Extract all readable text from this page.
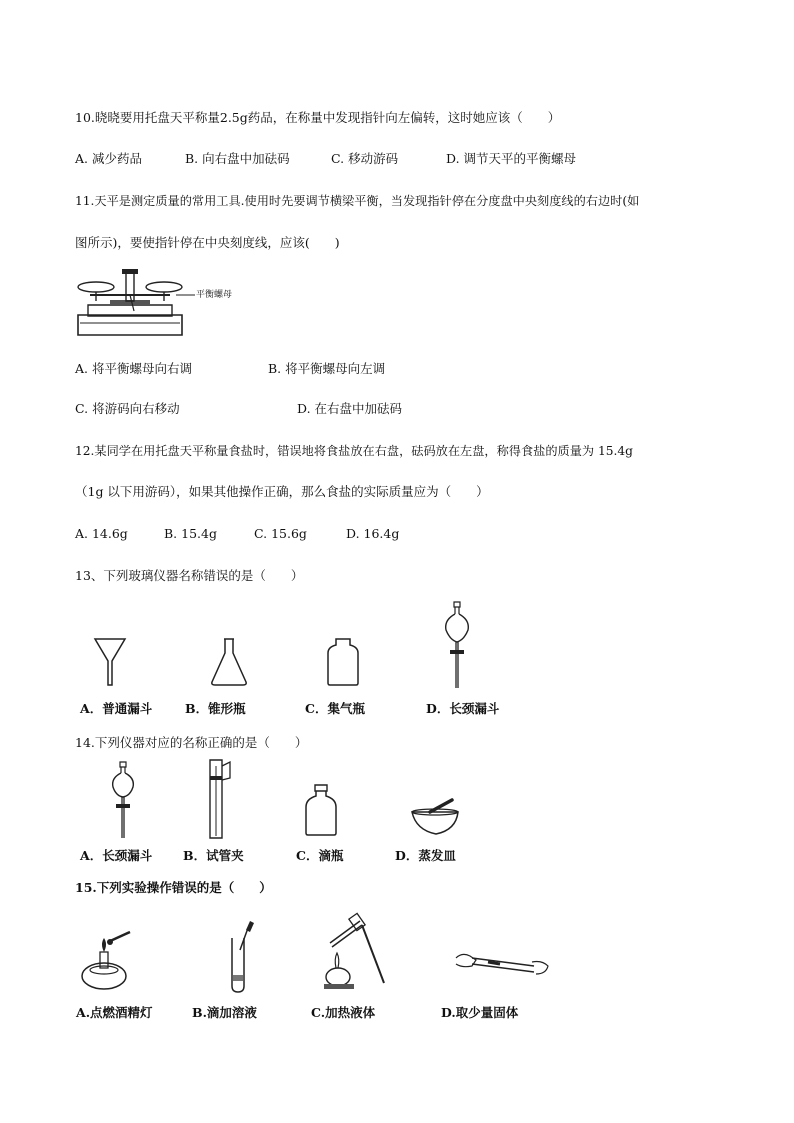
10.晓晓要用托盘天平称量2.5g药品，在称量中发现指针向左偏转，这时她应该（　　）
A. 减少药品	B. 向右盘中加砝码	C. 移动游码	D. 调节天平的平衡螺母
11.天平是测定质量的常用工具.使用时先要调节横梁平衡，当发现指针停在分度盘中央刻度线的右边时(如
图所示)，要使指针停在中央刻度线，应该(　　)
平衡螺母
A. 将平衡螺母向右调	B. 将平衡螺母向左调
C. 将游码向右移动	D. 在右盘中加砝码
12.某同学在用托盘天平称量食盐时，错误地将食盐放在右盘，砝码放在左盘，称得食盐的质量为 15.4g
（1g 以下用游码），如果其他操作正确，那么食盐的实际质量应为（　　）
A. 14.6g	B. 15.4g	C. 15.6g	D. 16.4g
13、下列玻璃仪器名称错误的是（　　）
A．普通漏斗	B．锥形瓶	C．集气瓶	D．长颈漏斗
14.下列仪器对应的名称正确的是（　　）
A．长颈漏斗 B．试管夹	C．滴瓶	D．蒸发皿
15.下列实验操作错误的是（　　）
A.点燃酒精灯	B.滴加溶液	C.加热液体	D.取少量固体
